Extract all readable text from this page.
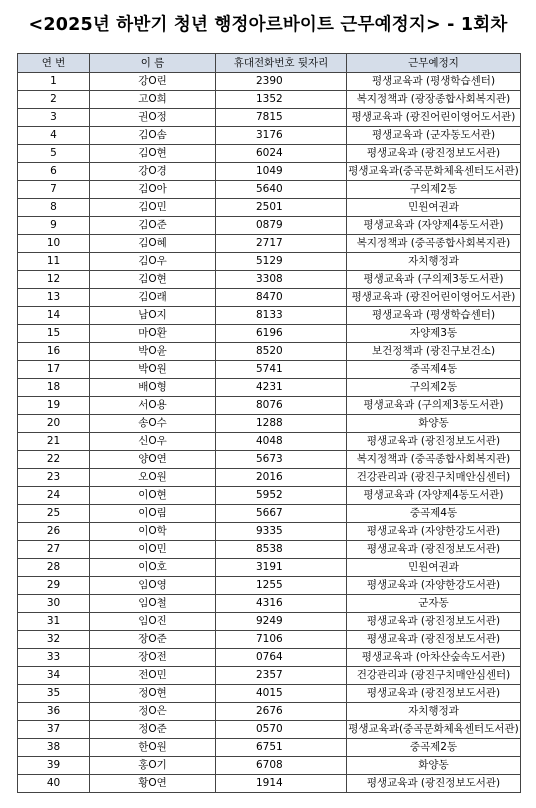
<2025년 하반기 청년 행정아르바이트 근무예정지> - 1회차
연 번	이 름	휴대전화번호 뒷자리	근무예정지
1	강O린	2390	평생교육과 (평생학습센터)
2	고O희	1352	복지정책과 (광장종합사회복지관)
3	권O정	7815	평생교육과 (광진어린이영어도서관)
4	김O솜	3176	평생교육과 (군자동도서관)
5	김O현	6024	평생교육과 (광진정보도서관)
6	강O경	1049	평생교육과(중곡문화체육센터도서관)
7	김O아	5640	구의제2동
8	김O민	2501	민원여권과
9	김O준	0879	평생교육과 (자양제4동도서관)
10	김O혜	2717	복지정책과 (중곡종합사회복지관)
11	김O우	5129	자치행정과
12	김O현	3308	평생교육과 (구의제3동도서관)
13	김O래	8470	평생교육과 (광진어린이영어도서관)
14	남O지	8133	평생교육과 (평생학습센터)
15	마O환	6196	자양제3동
16	박O윤	8520	보건정책과 (광진구보건소)
17	박O원	5741	중곡제4동
18	배O형	4231	구의제2동
19	서O용	8076	평생교육과 (구의제3동도서관)
20	송O수	1288	화양동
21	신O우	4048	평생교육과 (광진정보도서관)
22	양O연	5673	복지정책과 (중곡종합사회복지관)
23	오O원	2016	건강관리과 (광진구치매안심센터)
24	이O현	5952	평생교육과 (자양제4동도서관)
25	이O림	5667	중곡제4동
26	이O학	9335	평생교육과 (자양한강도서관)
27	이O민	8538	평생교육과 (광진정보도서관)
28	이O호	3191	민원여권과
29	임O영	1255	평생교육과 (자양한강도서관)
30	임O철	4316	군자동
31	임O진	9249	평생교육과 (광진정보도서관)
32	장O준	7106	평생교육과 (광진정보도서관)
33	장O전	0764	평생교육과 (아차산숲속도서관)
34	전O민	2357	건강관리과 (광진구치매안심센터)
35	정O현	4015	평생교육과 (광진정보도서관)
36	정O은	2676	자치행정과
37	정O준	0570	평생교육과(중곡문화체육센터도서관)
38	한O원	6751	중곡제2동
39	홍O기	6708	화양동
40	황O연	1914	평생교육과 (광진정보도서관)
